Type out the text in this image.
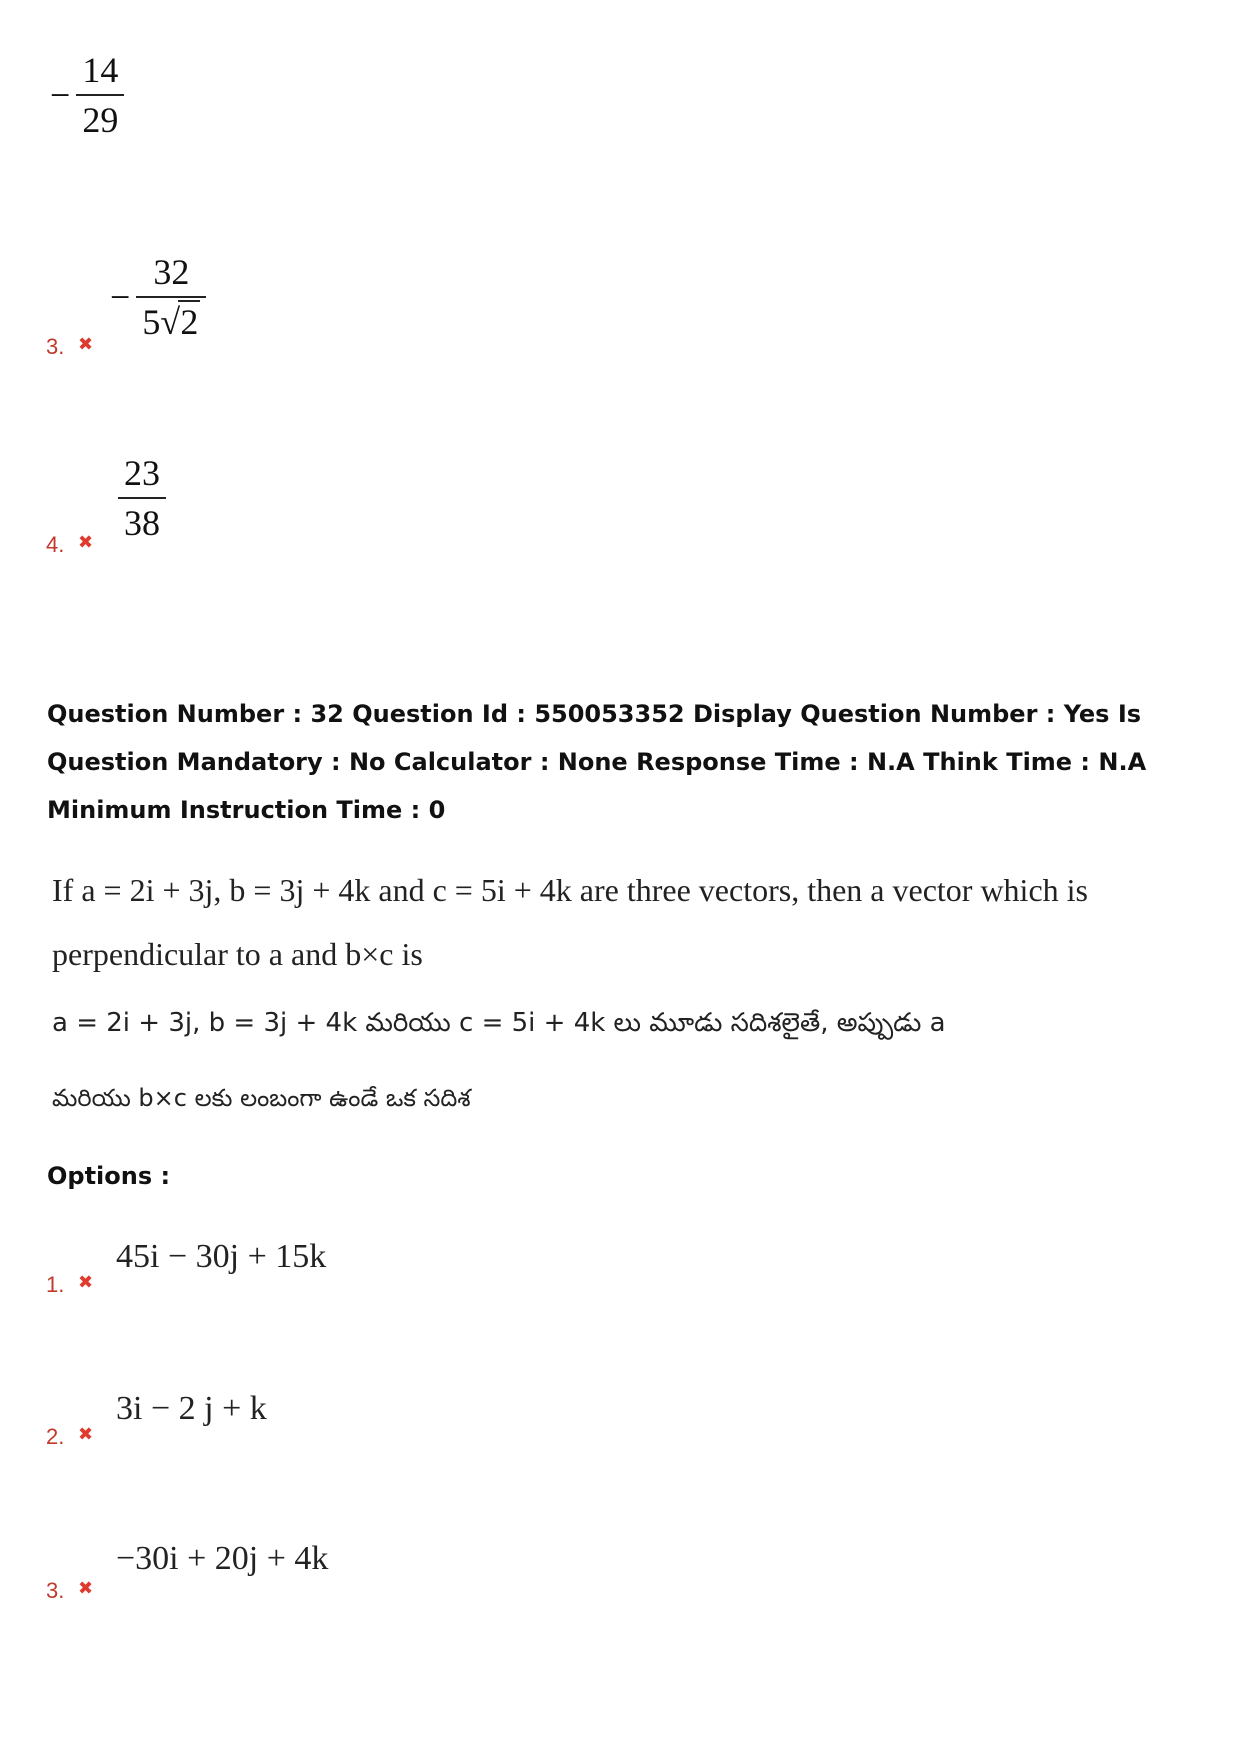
− $\frac{14}{29}$
3. ✖
− $\frac{32}{5 √ 2}$
4. ✖
$\frac{23}{38}$
Question Number : 32 Question Id : 550053352 Display Question Number : Yes Is Question Mandatory : No Calculator : None Response Time : N.A Think Time : N.A Minimum Instruction Time : 0
If a = 2i + 3j, b = 3j + 4k and c = 5i + 4k are three vectors, then a vector which is
perpendicular to a and b×c is
a = 2i + 3j, b = 3j + 4k మరియు c = 5i + 4k లు మూడు సదిశలైతే, అప్పుడు a
మరియు b×c లకు లంబంగా ఉండే ఒక సదిశ
Options :
45i − 30j + 15k
1. ✖
3i − 2 j + k
2. ✖
−30i + 20j + 4k
3. ✖
